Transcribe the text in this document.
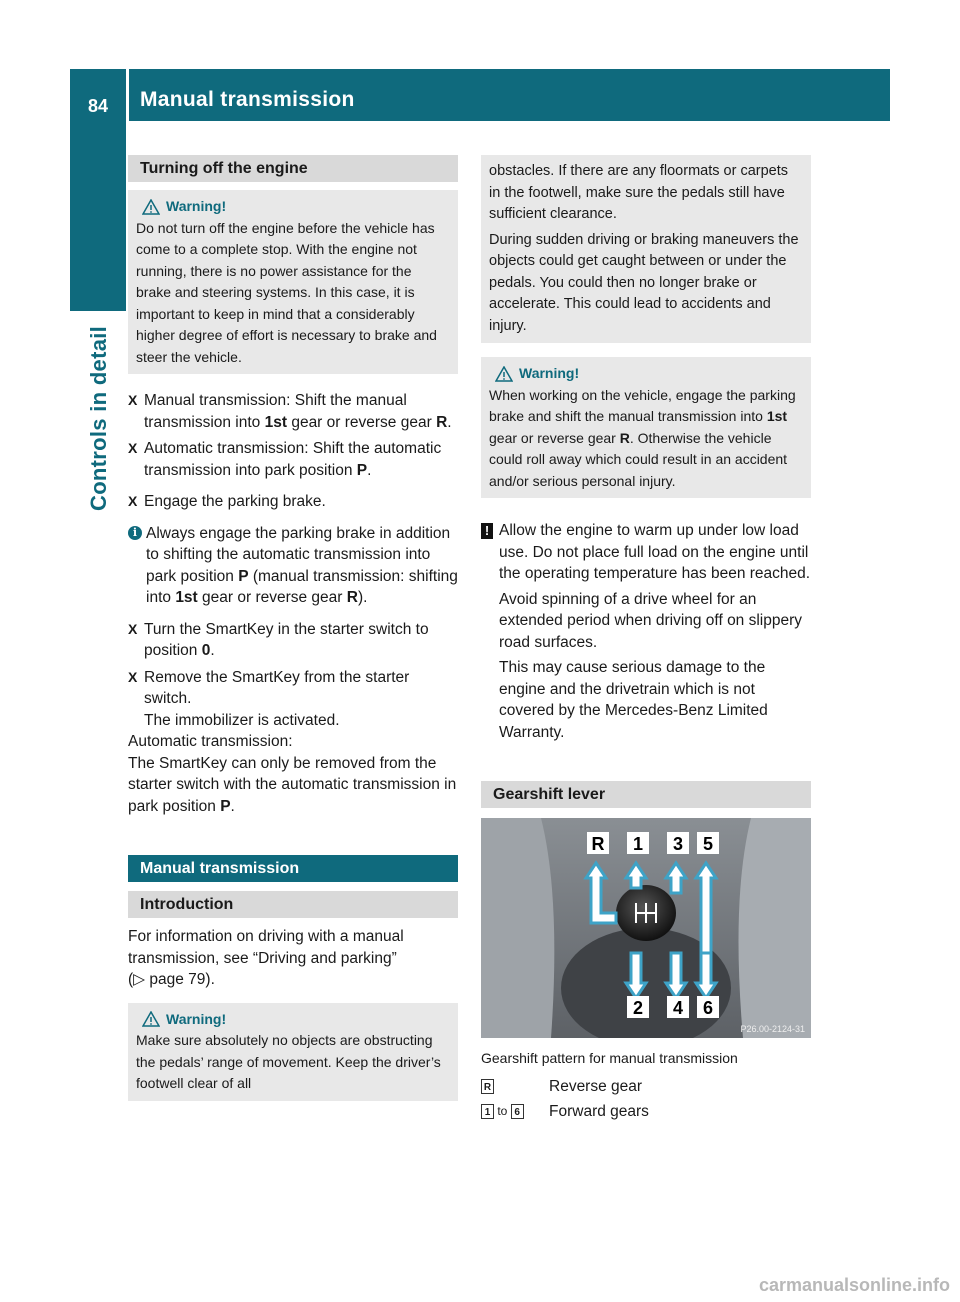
84	Manual transmission
Controls in detail
Turning off the engine
Warning!

Do not turn off the engine before the vehicle has come to a complete stop. With the engine not running, there is no power assistance for the brake and steering systems. In this case, it is important to keep in mind that a considerably higher degree of effort is necessary to brake and steer the vehicle.

X Manual transmission: Shift the manual transmission into 1st gear or reverse gear R.
X Automatic transmission: Shift the automatic transmission into park position P.
X Engage the parking brake.
i Always engage the parking brake in addition to shifting the automatic transmission into park position P (manual transmission: shifting into 1st gear or reverse gear R).
X Turn the SmartKey in the starter switch to position 0.
X Remove the SmartKey from the starter switch.
The immobilizer is activated.

Automatic transmission:
The SmartKey can only be removed from the starter switch with the automatic transmission in park position P.

Manual transmission
Introduction

For information on driving with a manual transmission, see “Driving and parking”
(▷ page 79).

Warning!

Make sure absolutely no objects are obstructing the pedals’ range of movement. Keep the driver’s footwell clear of all

obstacles. If there are any floormats or carpets in the footwell, make sure the pedals still have sufficient clearance.

During sudden driving or braking maneuvers the objects could get caught between or under the pedals. You could then no longer brake or accelerate. This could lead to accidents and injury.

Warning!

When working on the vehicle, engage the parking brake and shift the manual transmission into 1st gear or reverse gear R. Otherwise the vehicle could roll away which could result in an accident and/or serious personal injury.

! Allow the engine to warm up under low load use. Do not place full load on the engine until the operating temperature has been reached.

Avoid spinning of a drive wheel for an extended period when driving off on slippery road surfaces.

This may cause serious damage to the engine and the drivetrain which is not covered by the Mercedes-Benz Limited Warranty.

Gearshift lever
R 1 3 5
2 4 6
P26.00-2124-31

Gearshift pattern for manual transmission

R	Reverse gear
1 to 6	Forward gears
carmanualsonline.info
